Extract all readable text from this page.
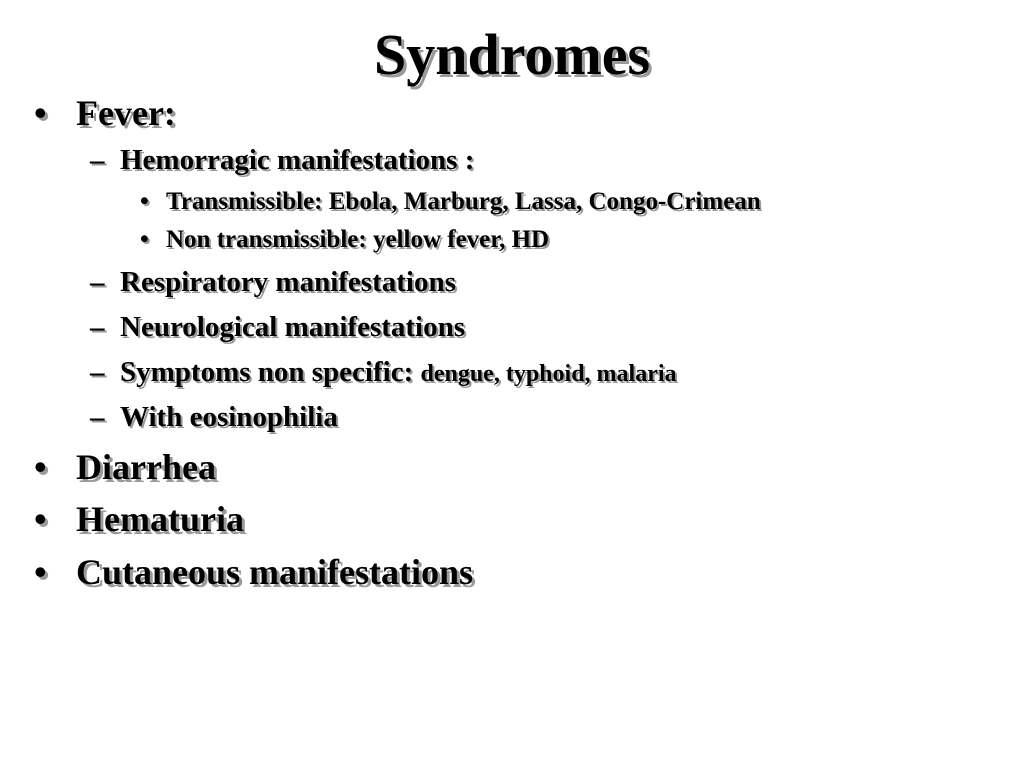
Syndromes
• Fever:
– Hemorragic manifestations :
• Transmissible: Ebola, Marburg, Lassa, Congo-Crimean
• Non transmissible: yellow fever, HD
– Respiratory manifestations
– Neurological manifestations
– Symptoms non specific: dengue, typhoid, malaria
– With eosinophilia
• Diarrhea
• Hematuria
• Cutaneous manifestations
